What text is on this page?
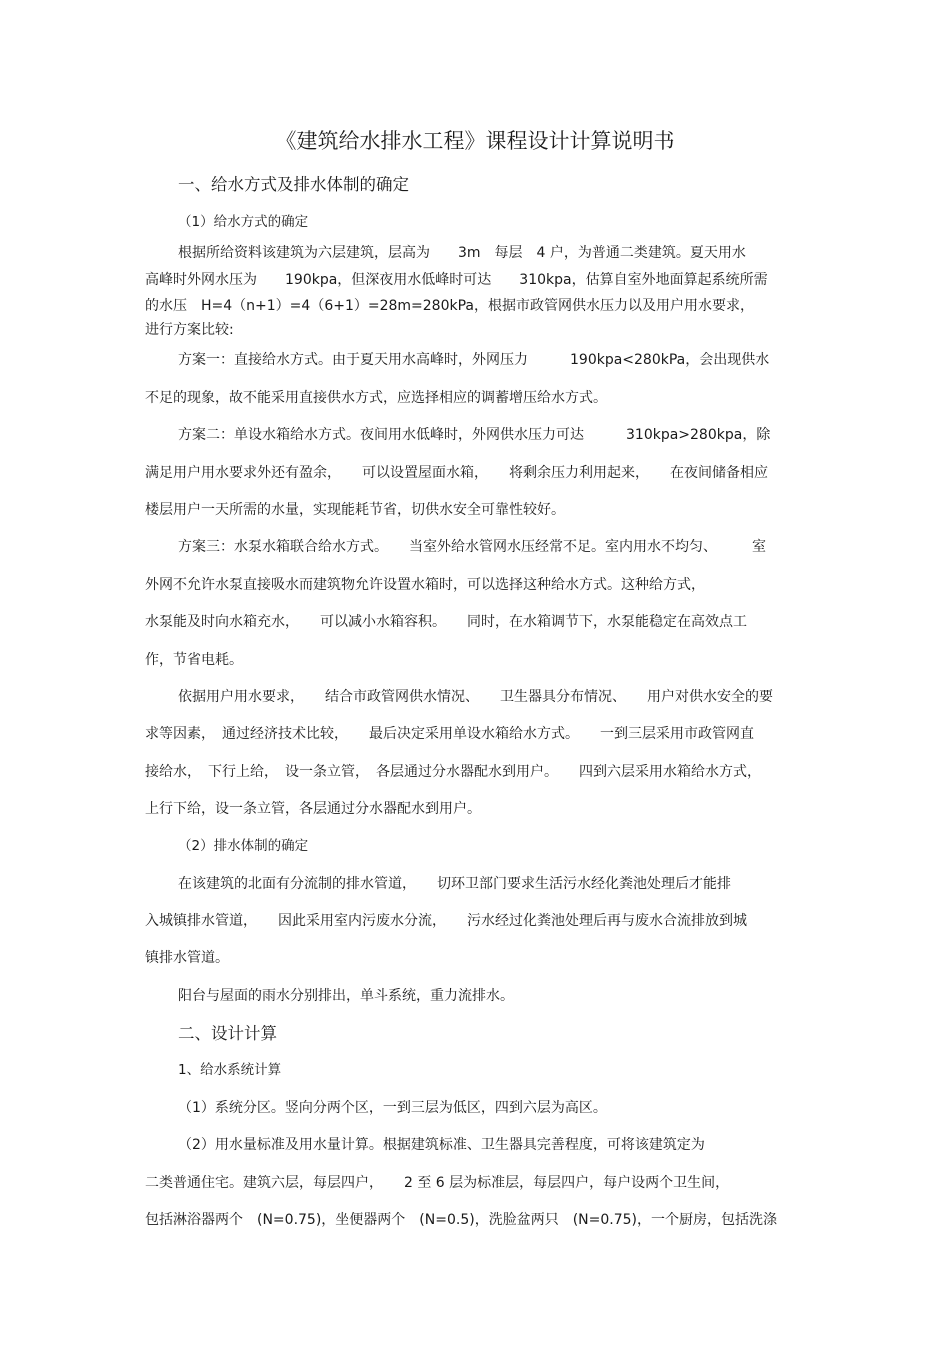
《建筑给水排水工程》课程设计计算说明书
一、给水方式及排水体制的确定
（1）给水方式的确定
根据所给资料该建筑为六层建筑，层高为　　3m　每层　4 户，为普通二类建筑。夏天用水
高峰时外网水压为　　190kpa，但深夜用水低峰时可达　　310kpa，估算自室外地面算起系统所需
的水压　H=4（n+1）=4（6+1）=28m=280kPa，根据市政管网供水压力以及用户用水要求，
进行方案比较:
方案一：直接给水方式。由于夏天用水高峰时，外网压力　　　190kpa<280kPa，会出现供水
不足的现象，故不能采用直接供水方式，应选择相应的调蓄增压给水方式。
方案二：单设水箱给水方式。夜间用水低峰时，外网供水压力可达　　　310kpa>280kpa，除
满足用户用水要求外还有盈余，　　可以设置屋面水箱，　　将剩余压力利用起来，　　在夜间储备相应
楼层用户一天所需的水量，实现能耗节省，切供水安全可靠性较好。
方案三：水泵水箱联合给水方式。　　当室外给水管网水压经常不足。室内用水不均匀、　　　室
外网不允许水泵直接吸水而建筑物允许设置水箱时，可以选择这种给水方式。这种给方式，
水泵能及时向水箱充水，　　可以减小水箱容积。　　同时，在水箱调节下，水泵能稳定在高效点工
作，节省电耗。
依据用户用水要求，　　结合市政管网供水情况、　　卫生器具分布情况、　　用户对供水安全的要
求等因素，　通过经济技术比较，　　最后决定采用单设水箱给水方式。　　一到三层采用市政管网直
接给水，　下行上给，　设一条立管，　各层通过分水器配水到用户。　　四到六层采用水箱给水方式，
上行下给，设一条立管，各层通过分水器配水到用户。
（2）排水体制的确定
在该建筑的北面有分流制的排水管道，　　切环卫部门要求生活污水经化粪池处理后才能排
入城镇排水管道，　　因此采用室内污废水分流，　　污水经过化粪池处理后再与废水合流排放到城
镇排水管道。
阳台与屋面的雨水分别排出，单斗系统，重力流排水。
二、设计计算
1、给水系统计算
（1）系统分区。竖向分两个区，一到三层为低区，四到六层为高区。
（2）用水量标准及用水量计算。根据建筑标准、卫生器具完善程度，可将该建筑定为
二类普通住宅。建筑六层，每层四户，　　2 至 6 层为标准层，每层四户，每户设两个卫生间，
包括淋浴器两个　(N=0.75)，坐便器两个　(N=0.5)，洗脸盆两只　(N=0.75)，一个厨房，包括洗涤
